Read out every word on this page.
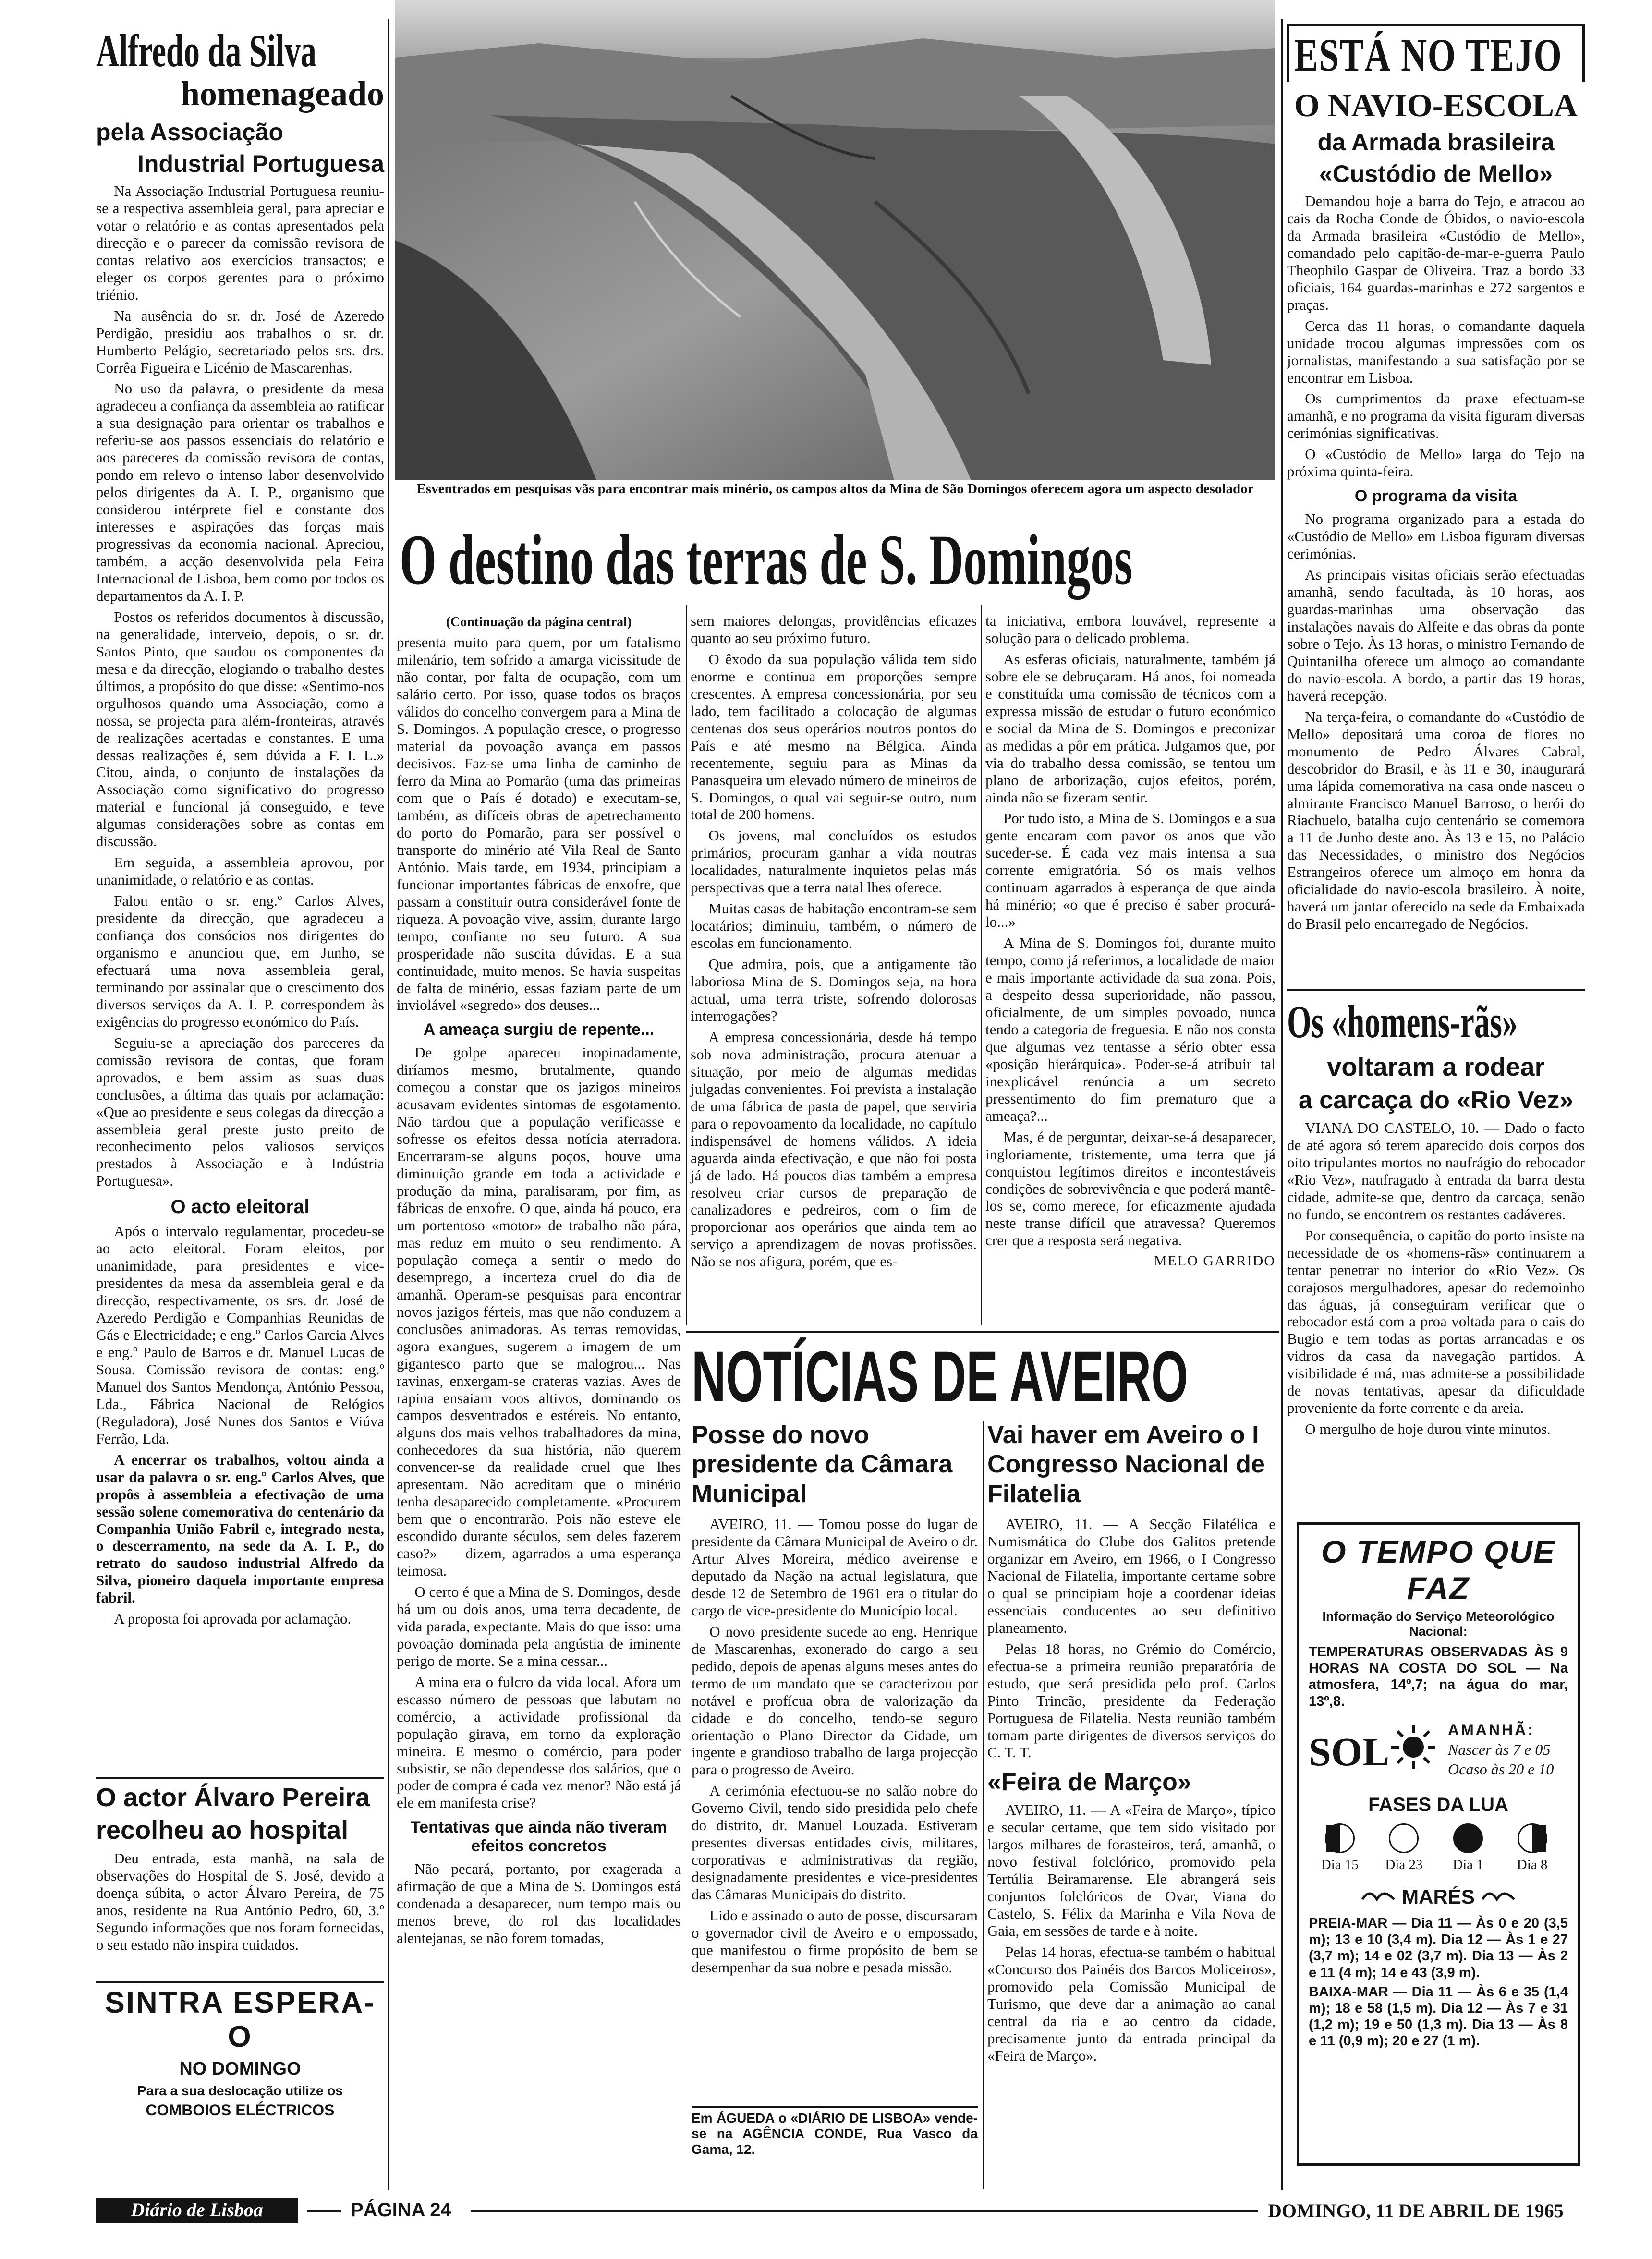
Alfredo da Silva
homenageado
pela Associação
Industrial Portuguesa

Na Associação Industrial Portuguesa reuniu-se a respectiva assembleia geral, para apreciar e votar o relatório e as contas apresentados pela direcção e o parecer da comissão revisora de contas relativo aos exercícios transactos; e eleger os corpos gerentes para o próximo triénio.

Na ausência do sr. dr. José de Azeredo Perdigão, presidiu aos trabalhos o sr. dr. Humberto Pelágio, secretariado pelos srs. drs. Corrêa Figueira e Licénio de Mascarenhas.

No uso da palavra, o presidente da mesa agradeceu a confiança da assembleia ao ratificar a sua designação para orientar os trabalhos e referiu-se aos passos essenciais do relatório e aos pareceres da comissão revisora de contas, pondo em relevo o intenso labor desenvolvido pelos dirigentes da A. I. P., organismo que considerou intérprete fiel e constante dos interesses e aspirações das forças mais progressivas da economia nacional. Apreciou, também, a acção desenvolvida pela Feira Internacional de Lisboa, bem como por todos os departamentos da A. I. P.

Postos os referidos documentos à discussão, na generalidade, interveio, depois, o sr. dr. Santos Pinto, que saudou os componentes da mesa e da direcção, elogiando o trabalho destes últimos, a propósito do que disse: «Sentimo-nos orgulhosos quando uma Associação, como a nossa, se projecta para além-fronteiras, através de realizações acertadas e constantes. E uma dessas realizações é, sem dúvida a F. I. L.» Citou, ainda, o conjunto de instalações da Associação como significativo do progresso material e funcional já conseguido, e teve algumas considerações sobre as contas em discussão.

Em seguida, a assembleia aprovou, por unanimidade, o relatório e as contas.

Falou então o sr. eng.º Carlos Alves, presidente da direcção, que agradeceu a confiança dos consócios nos dirigentes do organismo e anunciou que, em Junho, se efectuará uma nova assembleia geral, terminando por assinalar que o crescimento dos diversos serviços da A. I. P. correspondem às exigências do progresso económico do País.

Seguiu-se a apreciação dos pareceres da comissão revisora de contas, que foram aprovados, e bem assim as suas duas conclusões, a última das quais por aclamação: «Que ao presidente e seus colegas da direcção a assembleia geral preste justo preito de reconhecimento pelos valiosos serviços prestados à Associação e à Indústria Portuguesa».

O acto eleitoral

Após o intervalo regulamentar, procedeu-se ao acto eleitoral. Foram eleitos, por unanimidade, para presidentes e vice-presidentes da mesa da assembleia geral e da direcção, respectivamente, os srs. dr. José de Azeredo Perdigão e Companhias Reunidas de Gás e Electricidade; e eng.º Carlos Garcia Alves e eng.º Paulo de Barros e dr. Manuel Lucas de Sousa. Comissão revisora de contas: eng.º Manuel dos Santos Mendonça, António Pessoa, Lda., Fábrica Nacional de Relógios (Reguladora), José Nunes dos Santos e Viúva Ferrão, Lda.

A encerrar os trabalhos, voltou ainda a usar da palavra o sr. eng.º Carlos Alves, que propôs à assembleia a efectivação de uma sessão solene comemorativa do centenário da Companhia União Fabril e, integrado nesta, o descerramento, na sede da A. I. P., do retrato do saudoso industrial Alfredo da Silva, pioneiro daquela importante empresa fabril.

A proposta foi aprovada por aclamação.

O actor Álvaro Pereira
recolheu ao hospital

Deu entrada, esta manhã, na sala de observações do Hospital de S. José, devido a doença súbita, o actor Álvaro Pereira, de 75 anos, residente na Rua António Pedro, 60, 3.º Segundo informações que nos foram fornecidas, o seu estado não inspira cuidados.

SINTRA ESPERA-O
NO DOMINGO
Para a sua deslocação utilize os
COMBOIOS ELÉCTRICOS
Esventrados em pesquisas vãs para encontrar mais minério, os campos altos da Mina de São Domingos oferecem agora um aspecto desolador
O destino das terras de S. Domingos

(Continuação da página central)

presenta muito para quem, por um fatalismo milenário, tem sofrido a amarga vicissitude de não contar, por falta de ocupação, com um salário certo. Por isso, quase todos os braços válidos do concelho convergem para a Mina de S. Domingos. A população cresce, o progresso material da povoação avança em passos decisivos. Faz-se uma linha de caminho de ferro da Mina ao Pomarão (uma das primeiras com que o País é dotado) e executam-se, também, as difíceis obras de apetrechamento do porto do Pomarão, para ser possível o transporte do minério até Vila Real de Santo António. Mais tarde, em 1934, principiam a funcionar importantes fábricas de enxofre, que passam a constituir outra considerável fonte de riqueza. A povoação vive, assim, durante largo tempo, confiante no seu futuro. A sua prosperidade não suscita dúvidas. E a sua continuidade, muito menos. Se havia suspeitas de falta de minério, essas faziam parte de um inviolável «segredo» dos deuses...

A ameaça surgiu de repente...

De golpe apareceu inopinadamente, diríamos mesmo, brutalmente, quando começou a constar que os jazigos mineiros acusavam evidentes sintomas de esgotamento. Não tardou que a população verificasse e sofresse os efeitos dessa notícia aterradora. Encerraram-se alguns poços, houve uma diminuição grande em toda a actividade e produção da mina, paralisaram, por fim, as fábricas de enxofre. O que, ainda há pouco, era um portentoso «motor» de trabalho não pára, mas reduz em muito o seu rendimento. A população começa a sentir o medo do desemprego, a incerteza cruel do dia de amanhã. Operam-se pesquisas para encontrar novos jazigos férteis, mas que não conduzem a conclusões animadoras. As terras removidas, agora exangues, sugerem a imagem de um gigantesco parto que se malogrou... Nas ravinas, enxergam-se crateras vazias. Aves de rapina ensaiam voos altivos, dominando os campos desventrados e estéreis. No entanto, alguns dos mais velhos trabalhadores da mina, conhecedores da sua história, não querem convencer-se da realidade cruel que lhes apresentam. Não acreditam que o minério tenha desaparecido completamente. «Procurem bem que o encontrarão. Pois não esteve ele escondido durante séculos, sem deles fazerem caso?» — dizem, agarrados a uma esperança teimosa.

O certo é que a Mina de S. Domingos, desde há um ou dois anos, uma terra decadente, de vida parada, expectante. Mais do que isso: uma povoação dominada pela angústia de iminente perigo de morte. Se a mina cessar...

A mina era o fulcro da vida local. Afora um escasso número de pessoas que labutam no comércio, a actividade profissional da população girava, em torno da exploração mineira. E mesmo o comércio, para poder subsistir, se não dependesse dos salários, que o poder de compra é cada vez menor? Não está já ele em manifesta crise?

Tentativas que ainda não tiveram efeitos concretos

Não pecará, portanto, por exagerada a afirmação de que a Mina de S. Domingos está condenada a desaparecer, num tempo mais ou menos breve, do rol das localidades alentejanas, se não forem tomadas,

sem maiores delongas, providências eficazes quanto ao seu próximo futuro.

O êxodo da sua população válida tem sido enorme e continua em proporções sempre crescentes. A empresa concessionária, por seu lado, tem facilitado a colocação de algumas centenas dos seus operários noutros pontos do País e até mesmo na Bélgica. Ainda recentemente, seguiu para as Minas da Panasqueira um elevado número de mineiros de S. Domingos, o qual vai seguir-se outro, num total de 200 homens.

Os jovens, mal concluídos os estudos primários, procuram ganhar a vida noutras localidades, naturalmente inquietos pelas más perspectivas que a terra natal lhes oferece.

Muitas casas de habitação encontram-se sem locatários; diminuiu, também, o número de escolas em funcionamento.

Que admira, pois, que a antigamente tão laboriosa Mina de S. Domingos seja, na hora actual, uma terra triste, sofrendo dolorosas interrogações?

A empresa concessionária, desde há tempo sob nova administração, procura atenuar a situação, por meio de algumas medidas julgadas convenientes. Foi prevista a instalação de uma fábrica de pasta de papel, que serviria para o repovoamento da localidade, no capítulo indispensável de homens válidos. A ideia aguarda ainda efectivação, e que não foi posta já de lado. Há poucos dias também a empresa resolveu criar cursos de preparação de canalizadores e pedreiros, com o fim de proporcionar aos operários que ainda tem ao serviço a aprendizagem de novas profissões. Não se nos afigura, porém, que es-

ta iniciativa, embora louvável, represente a solução para o delicado problema.

As esferas oficiais, naturalmente, também já sobre ele se debruçaram. Há anos, foi nomeada e constituída uma comissão de técnicos com a expressa missão de estudar o futuro económico e social da Mina de S. Domingos e preconizar as medidas a pôr em prática. Julgamos que, por via do trabalho dessa comissão, se tentou um plano de arborização, cujos efeitos, porém, ainda não se fizeram sentir.

Por tudo isto, a Mina de S. Domingos e a sua gente encaram com pavor os anos que vão suceder-se. É cada vez mais intensa a sua corrente emigratória. Só os mais velhos continuam agarrados à esperança de que ainda há minério; «o que é preciso é saber procurá-lo...»

A Mina de S. Domingos foi, durante muito tempo, como já referimos, a localidade de maior e mais importante actividade da sua zona. Pois, a despeito dessa superioridade, não passou, oficialmente, de um simples povoado, nunca tendo a categoria de freguesia. E não nos consta que algumas vez tentasse a sério obter essa «posição hierárquica». Poder-se-á atribuir tal inexplicável renúncia a um secreto pressentimento do fim prematuro que a ameaça?...

Mas, é de perguntar, deixar-se-á desaparecer, ingloriamente, tristemente, uma terra que já conquistou legítimos direitos e incontestáveis condições de sobrevivência e que poderá mantê-los se, como merece, for eficazmente ajudada neste transe difícil que atravessa? Queremos crer que a resposta será negativa.

MELO GARRIDO
NOTÍCIAS DE AVEIRO
Posse do novo presidente da Câmara Municipal

AVEIRO, 11. — Tomou posse do lugar de presidente da Câmara Municipal de Aveiro o dr. Artur Alves Moreira, médico aveirense e deputado da Nação na actual legislatura, que desde 12 de Setembro de 1961 era o titular do cargo de vice-presidente do Município local.

O novo presidente sucede ao eng. Henrique de Mascarenhas, exonerado do cargo a seu pedido, depois de apenas alguns meses antes do termo de um mandato que se caracterizou por notável e profícua obra de valorização da cidade e do concelho, tendo-se seguro orientação o Plano Director da Cidade, um ingente e grandioso trabalho de larga projecção para o progresso de Aveiro.

A cerimónia efectuou-se no salão nobre do Governo Civil, tendo sido presidida pelo chefe do distrito, dr. Manuel Louzada. Estiveram presentes diversas entidades civis, militares, corporativas e administrativas da região, designadamente presidentes e vice-presidentes das Câmaras Municipais do distrito.

Lido e assinado o auto de posse, discursaram o governador civil de Aveiro e o empossado, que manifestou o firme propósito de bem se desempenhar da sua nobre e pesada missão.

Em ÁGUEDA o «DIÁRIO DE LISBOA» vende-se na AGÊNCIA CONDE, Rua Vasco da Gama, 12.

Vai haver em Aveiro o I Congresso Nacional de Filatelia

AVEIRO, 11. — A Secção Filatélica e Numismática do Clube dos Galitos pretende organizar em Aveiro, em 1966, o I Congresso Nacional de Filatelia, importante certame sobre o qual se principiam hoje a coordenar ideias essenciais conducentes ao seu definitivo planeamento.

Pelas 18 horas, no Grémio do Comércio, efectua-se a primeira reunião preparatória de estudo, que será presidida pelo prof. Carlos Pinto Trincão, presidente da Federação Portuguesa de Filatelia. Nesta reunião também tomam parte dirigentes de diversos serviços do C. T. T.

«Feira de Março»

AVEIRO, 11. — A «Feira de Março», típico e secular certame, que tem sido visitado por largos milhares de forasteiros, terá, amanhã, o novo festival folclórico, promovido pela Tertúlia Beiramarense. Ele abrangerá seis conjuntos folclóricos de Ovar, Viana do Castelo, S. Félix da Marinha e Vila Nova de Gaia, em sessões de tarde e à noite.

Pelas 14 horas, efectua-se também o habitual «Concurso dos Painéis dos Barcos Moliceiros», promovido pela Comissão Municipal de Turismo, que deve dar a animação ao canal central da ria e ao centro da cidade, precisamente junto da entrada principal da «Feira de Março».

ESTÁ NO TEJO
O NAVIO-ESCOLA
da Armada brasileira
«Custódio de Mello»

Demandou hoje a barra do Tejo, e atracou ao cais da Rocha Conde de Óbidos, o navio-escola da Armada brasileira «Custódio de Mello», comandado pelo capitão-de-mar-e-guerra Paulo Theophilo Gaspar de Oliveira. Traz a bordo 33 oficiais, 164 guardas-marinhas e 272 sargentos e praças.

Cerca das 11 horas, o comandante daquela unidade trocou algumas impressões com os jornalistas, manifestando a sua satisfação por se encontrar em Lisboa.

Os cumprimentos da praxe efectuam-se amanhã, e no programa da visita figuram diversas cerimónias significativas.

O «Custódio de Mello» larga do Tejo na próxima quinta-feira.

O programa da visita

No programa organizado para a estada do «Custódio de Mello» em Lisboa figuram diversas cerimónias.

As principais visitas oficiais serão efectuadas amanhã, sendo facultada, às 10 horas, aos guardas-marinhas uma observação das instalações navais do Alfeite e das obras da ponte sobre o Tejo. Às 13 horas, o ministro Fernando de Quintanilha oferece um almoço ao comandante do navio-escola. A bordo, a partir das 19 horas, haverá recepção.

Na terça-feira, o comandante do «Custódio de Mello» depositará uma coroa de flores no monumento de Pedro Álvares Cabral, descobridor do Brasil, e às 11 e 30, inaugurará uma lápida comemorativa na casa onde nasceu o almirante Francisco Manuel Barroso, o herói do Riachuelo, batalha cujo centenário se comemora a 11 de Junho deste ano. Às 13 e 15, no Palácio das Necessidades, o ministro dos Negócios Estrangeiros oferece um almoço em honra da oficialidade do navio-escola brasileiro. À noite, haverá um jantar oferecido na sede da Embaixada do Brasil pelo encarregado de Negócios.

Os «homens-rãs»
voltaram a rodear
a carcaça do «Rio Vez»

VIANA DO CASTELO, 10. — Dado o facto de até agora só terem aparecido dois corpos dos oito tripulantes mortos no naufrágio do rebocador «Rio Vez», naufragado à entrada da barra desta cidade, admite-se que, dentro da carcaça, senão no fundo, se encontrem os restantes cadáveres.

Por consequência, o capitão do porto insiste na necessidade de os «homens-rãs» continuarem a tentar penetrar no interior do «Rio Vez». Os corajosos mergulhadores, apesar do redemoinho das águas, já conseguiram verificar que o rebocador está com a proa voltada para o cais do Bugio e tem todas as portas arrancadas e os vidros da casa da navegação partidos. A visibilidade é má, mas admite-se a possibilidade de novas tentativas, apesar da dificuldade proveniente da forte corrente e da areia.

O mergulho de hoje durou vinte minutos.

O TEMPO QUE FAZ
Informação do Serviço Meteorológico Nacional:
TEMPERATURAS OBSERVADAS ÀS 9 HORAS NA COSTA DO SOL — Na atmosfera, 14º,7; na água do mar, 13º,8.
SOL	AMANHÃ:
Nascer às 7 e 05
Ocaso às 20 e 10
FASES DA LUA
Dia 15 Dia 23 Dia 1 Dia 8
MARÉS
PREIA-MAR — Dia 11 — Às 0 e 20 (3,5 m); 13 e 10 (3,4 m). Dia 12 — Às 1 e 27 (3,7 m); 14 e 02 (3,7 m). Dia 13 — Às 2 e 11 (4 m); 14 e 43 (3,9 m).
BAIXA-MAR — Dia 11 — Às 6 e 35 (1,4 m); 18 e 58 (1,5 m). Dia 12 — Às 7 e 31 (1,2 m); 19 e 50 (1,3 m). Dia 13 — Às 8 e 11 (0,9 m); 20 e 27 (1 m).
Diário de Lisboa	PÁGINA 24	DOMINGO, 11 DE ABRIL DE 1965
